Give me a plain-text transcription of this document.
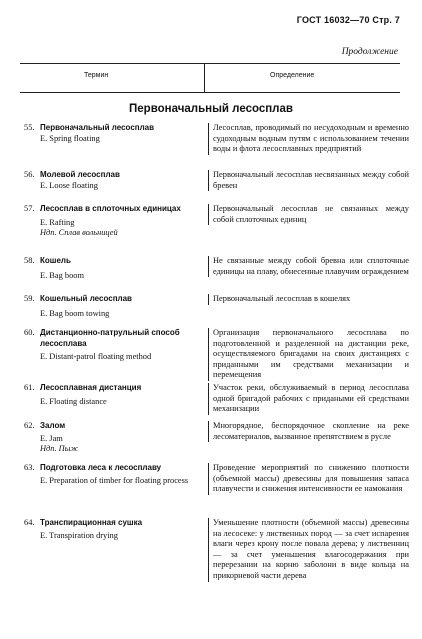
ГОСТ 16032—70 Стр. 7
Продолжение
Термин	Определение
Первоначальный лесосплав
55. Первоначальный лесосплав
E. Spring floating
Лесосплав, проводимый по несудоходным и временно судоходным водным путям с использованием течении воды и флота лесосплавных предприятий
56. Молевой лесосплав
E. Loose floating
Первоначальный лесосплав несвязанных между собой бревен
57. Лесосплав в сплоточных единицах
E. Rafting
Ндп. Сплав вольницей
Первоначальный лесосплав не связанных между собой сплоточных единиц
58. Кошель
E. Bag boom
Не связанные между собой бревна или сплоточные единицы на плаву, обнесенные плавучим ограждением
59. Кошельный лесосплав
E. Bag boom towing
Первоначальный лесосплав в кошелях
60. Дистанционно-патрульный способ лесосплава
E. Distant-patrol floating method
Организация первоначального лесосплава по подготовленной и разделенной на дистанции реке, осуществляемого бригадами на своих дистанциях с приданными им средствами механизации и перемещения
61. Лесосплавная дистанция
E. Floating distance
Участок реки, обслуживаемый в период лесосплава одной бригадой рабочих с придаными ей средствами механизации
62. Залом
E. Jam
Ндп. Пыж
Многорядное, беспорядочное скопление на реке лесоматериалов, вызванное препятствием в русле
63. Подготовка леса к лесосплаву
E. Preparation of timber for floating process
Проведение мероприятий по снижению плотности (объемной массы) древесины для повышения запаса плавучести и снижения интенсивности ее намокания
64. Транспирационная сушка
E. Transpiration drying
Уменьшение плотности (объемной массы) древесины на лесосеке: у лиственных пород — за счет испарения влаги через крону после повала дерева; у лиственниц — за счет уменьшения влагосодержания при перерезании на корню заболони в виде кольца на прикорневой части дерева
